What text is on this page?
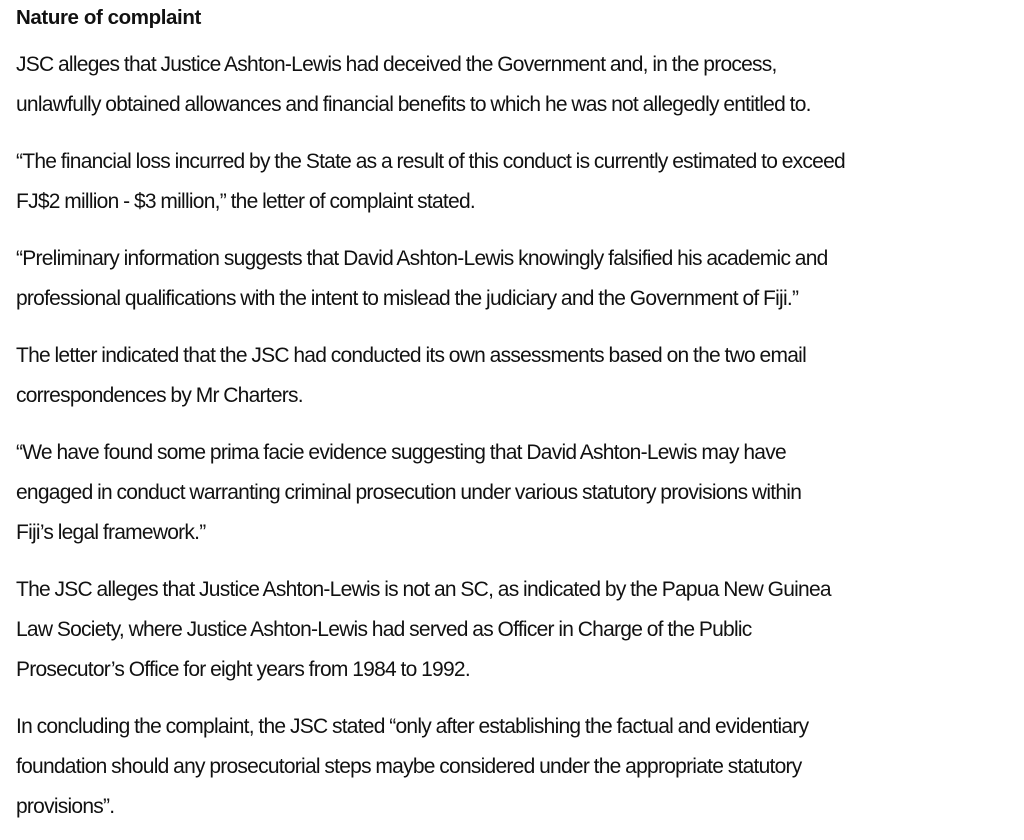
Nature of complaint

JSC alleges that Justice Ashton-Lewis had deceived the Government and, in the process,
unlawfully obtained allowances and financial benefits to which he was not allegedly entitled to.

“The financial loss incurred by the State as a result of this conduct is currently estimated to exceed
FJ$2 million - $3 million,” the letter of complaint stated.

“Preliminary information suggests that David Ashton-Lewis knowingly falsified his academic and
professional qualifications with the intent to mislead the judiciary and the Government of Fiji.”

The letter indicated that the JSC had conducted its own assessments based on the two email
correspondences by Mr Charters.

“We have found some prima facie evidence suggesting that David Ashton-Lewis may have
engaged in conduct warranting criminal prosecution under various statutory provisions within
Fiji’s legal framework.”

The JSC alleges that Justice Ashton-Lewis is not an SC, as indicated by the Papua New Guinea
Law Society, where Justice Ashton-Lewis had served as Officer in Charge of the Public
Prosecutor’s Office for eight years from 1984 to 1992.

In concluding the complaint, the JSC stated “only after establishing the factual and evidentiary
foundation should any prosecutorial steps maybe considered under the appropriate statutory
provisions”.
